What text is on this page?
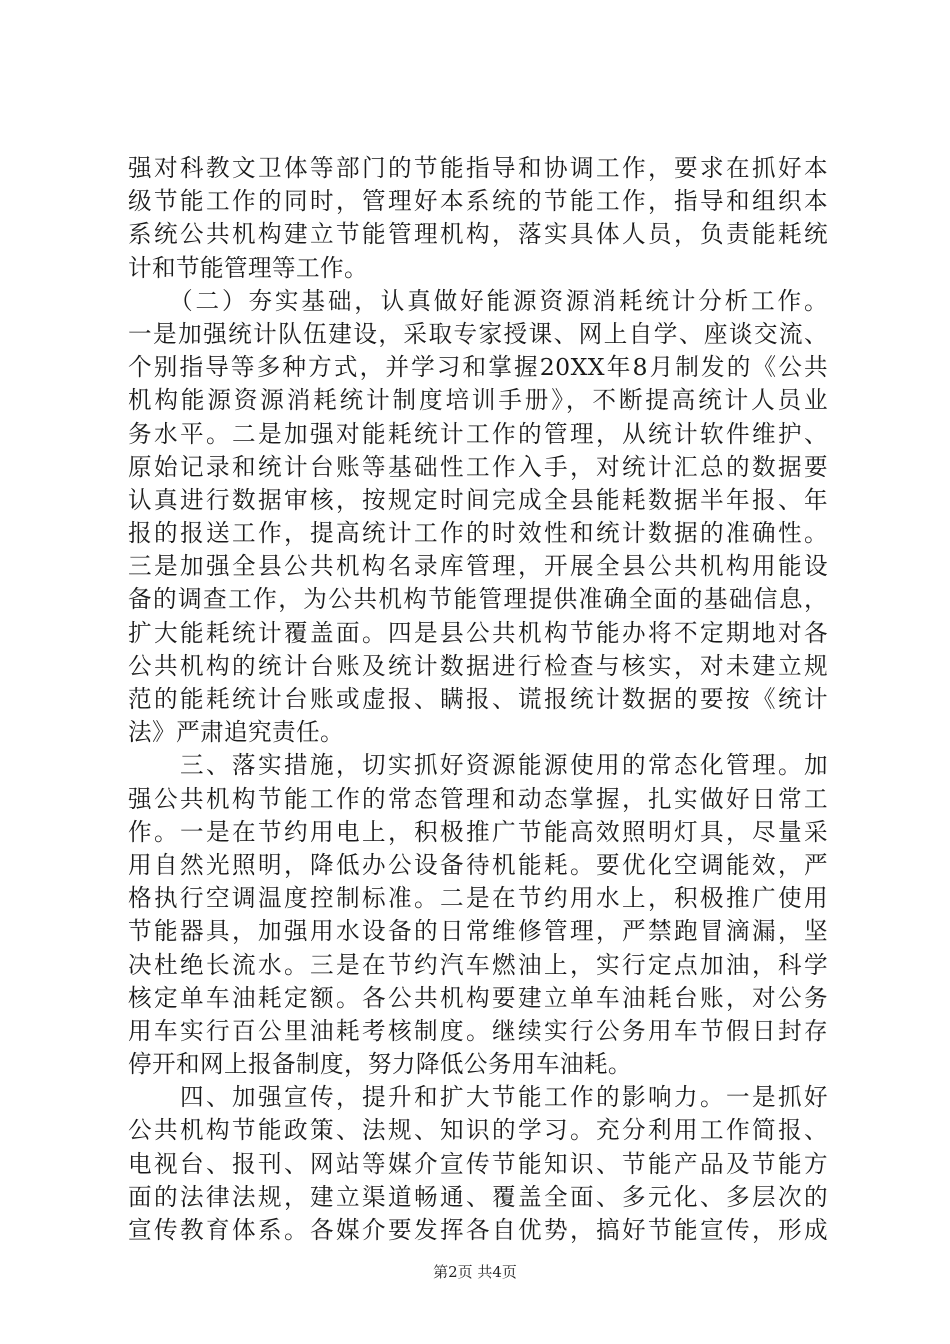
强对科教文卫体等部门的节能指导和协调工作，要求在抓好本
级节能工作的同时，管理好本系统的节能工作，指导和组织本
系统公共机构建立节能管理机构，落实具体人员，负责能耗统
计和节能管理等工作。
　　（二）夯实基础，认真做好能源资源消耗统计分析工作。
一是加强统计队伍建设，采取专家授课、网上自学、座谈交流、
个别指导等多种方式，并学习和掌握20XX年8月制发的《公共
机构能源资源消耗统计制度培训手册》，不断提高统计人员业
务水平。二是加强对能耗统计工作的管理，从统计软件维护、
原始记录和统计台账等基础性工作入手，对统计汇总的数据要
认真进行数据审核，按规定时间完成全县能耗数据半年报、年
报的报送工作，提高统计工作的时效性和统计数据的准确性。
三是加强全县公共机构名录库管理，开展全县公共机构用能设
备的调查工作，为公共机构节能管理提供准确全面的基础信息，
扩大能耗统计覆盖面。四是县公共机构节能办将不定期地对各
公共机构的统计台账及统计数据进行检查与核实，对未建立规
范的能耗统计台账或虚报、瞒报、谎报统计数据的要按《统计
法》严肃追究责任。
　　三、落实措施，切实抓好资源能源使用的常态化管理。加
强公共机构节能工作的常态管理和动态掌握，扎实做好日常工
作。一是在节约用电上，积极推广节能高效照明灯具，尽量采
用自然光照明，降低办公设备待机能耗。要优化空调能效，严
格执行空调温度控制标准。二是在节约用水上，积极推广使用
节能器具，加强用水设备的日常维修管理，严禁跑冒滴漏，坚
决杜绝长流水。三是在节约汽车燃油上，实行定点加油，科学
核定单车油耗定额。各公共机构要建立单车油耗台账，对公务
用车实行百公里油耗考核制度。继续实行公务用车节假日封存
停开和网上报备制度，努力降低公务用车油耗。
　　四、加强宣传，提升和扩大节能工作的影响力。一是抓好
公共机构节能政策、法规、知识的学习。充分利用工作简报、
电视台、报刊、网站等媒介宣传节能知识、节能产品及节能方
面的法律法规，建立渠道畅通、覆盖全面、多元化、多层次的
宣传教育体系。各媒介要发挥各自优势，搞好节能宣传，形成
第2页 共4页
